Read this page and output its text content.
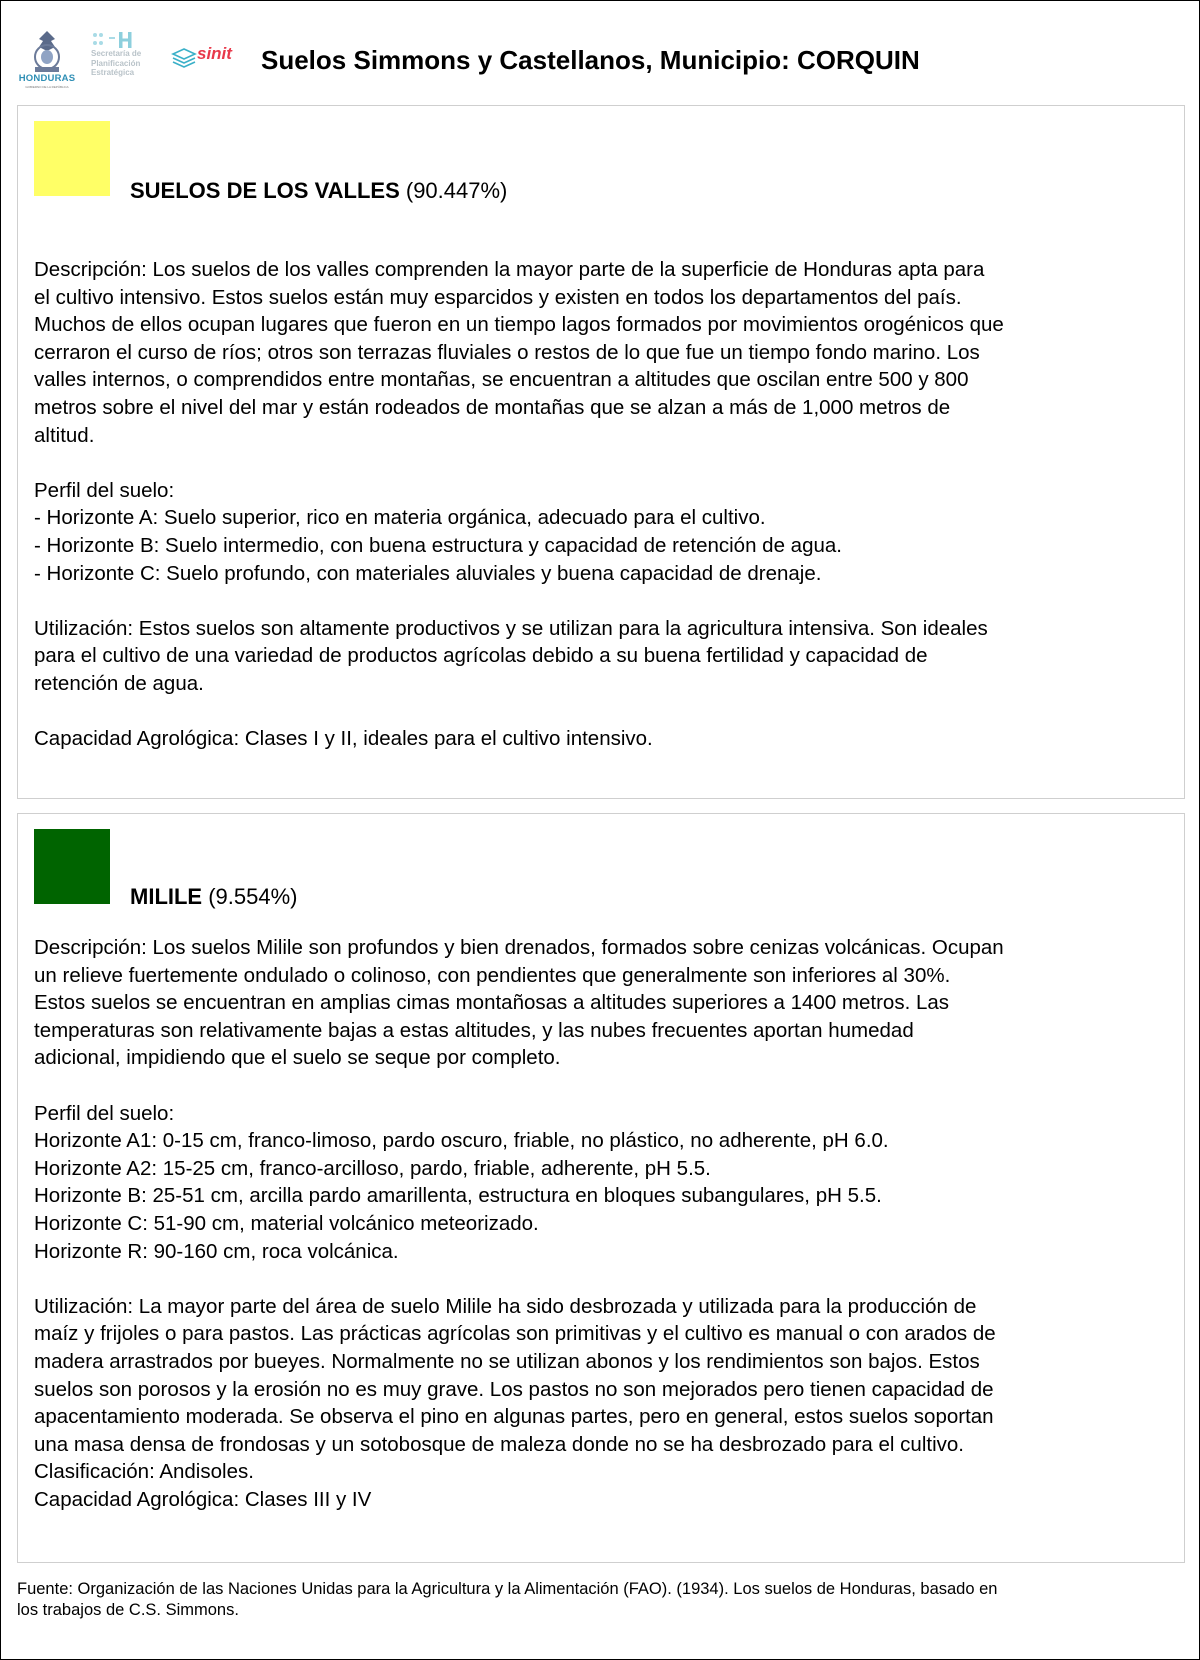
HONDURAS
GOBIERNO DE LA REPÚBLICA
Secretaría de Planificación Estratégica
sinit Suelos Simmons y Castellanos, Municipio: CORQUIN
SUELOS DE LOS VALLES (90.447%)

Descripción: Los suelos de los valles comprenden la mayor parte de la superficie de Honduras apta para
el cultivo intensivo. Estos suelos están muy esparcidos y existen en todos los departamentos del país.
Muchos de ellos ocupan lugares que fueron en un tiempo lagos formados por movimientos orogénicos que
cerraron el curso de ríos; otros son terrazas fluviales o restos de lo que fue un tiempo fondo marino. Los
valles internos, o comprendidos entre montañas, se encuentran a altitudes que oscilan entre 500 y 800
metros sobre el nivel del mar y están rodeados de montañas que se alzan a más de 1,000 metros de
altitud.

Perfil del suelo:
- Horizonte A: Suelo superior, rico en materia orgánica, adecuado para el cultivo.
- Horizonte B: Suelo intermedio, con buena estructura y capacidad de retención de agua.
- Horizonte C: Suelo profundo, con materiales aluviales y buena capacidad de drenaje.

Utilización: Estos suelos son altamente productivos y se utilizan para la agricultura intensiva. Son ideales
para el cultivo de una variedad de productos agrícolas debido a su buena fertilidad y capacidad de
retención de agua.

Capacidad Agrológica: Clases I y II, ideales para el cultivo intensivo.

MILILE (9.554%)

Descripción: Los suelos Milile son profundos y bien drenados, formados sobre cenizas volcánicas. Ocupan
un relieve fuertemente ondulado o colinoso, con pendientes que generalmente son inferiores al 30%.
Estos suelos se encuentran en amplias cimas montañosas a altitudes superiores a 1400 metros. Las
temperaturas son relativamente bajas a estas altitudes, y las nubes frecuentes aportan humedad
adicional, impidiendo que el suelo se seque por completo.

Perfil del suelo:
Horizonte A1: 0-15 cm, franco-limoso, pardo oscuro, friable, no plástico, no adherente, pH 6.0.
Horizonte A2: 15-25 cm, franco-arcilloso, pardo, friable, adherente, pH 5.5.
Horizonte B: 25-51 cm, arcilla pardo amarillenta, estructura en bloques subangulares, pH 5.5.
Horizonte C: 51-90 cm, material volcánico meteorizado.
Horizonte R: 90-160 cm, roca volcánica.

Utilización: La mayor parte del área de suelo Milile ha sido desbrozada y utilizada para la producción de
maíz y frijoles o para pastos. Las prácticas agrícolas son primitivas y el cultivo es manual o con arados de
madera arrastrados por bueyes. Normalmente no se utilizan abonos y los rendimientos son bajos. Estos
suelos son porosos y la erosión no es muy grave. Los pastos no son mejorados pero tienen capacidad de
apacentamiento moderada. Se observa el pino en algunas partes, pero en general, estos suelos soportan
una masa densa de frondosas y un sotobosque de maleza donde no se ha desbrozado para el cultivo.
Clasificación: Andisoles.
Capacidad Agrológica: Clases III y IV

Fuente: Organización de las Naciones Unidas para la Agricultura y la Alimentación (FAO). (1934). Los suelos de Honduras, basado en
los trabajos de C.S. Simmons.
